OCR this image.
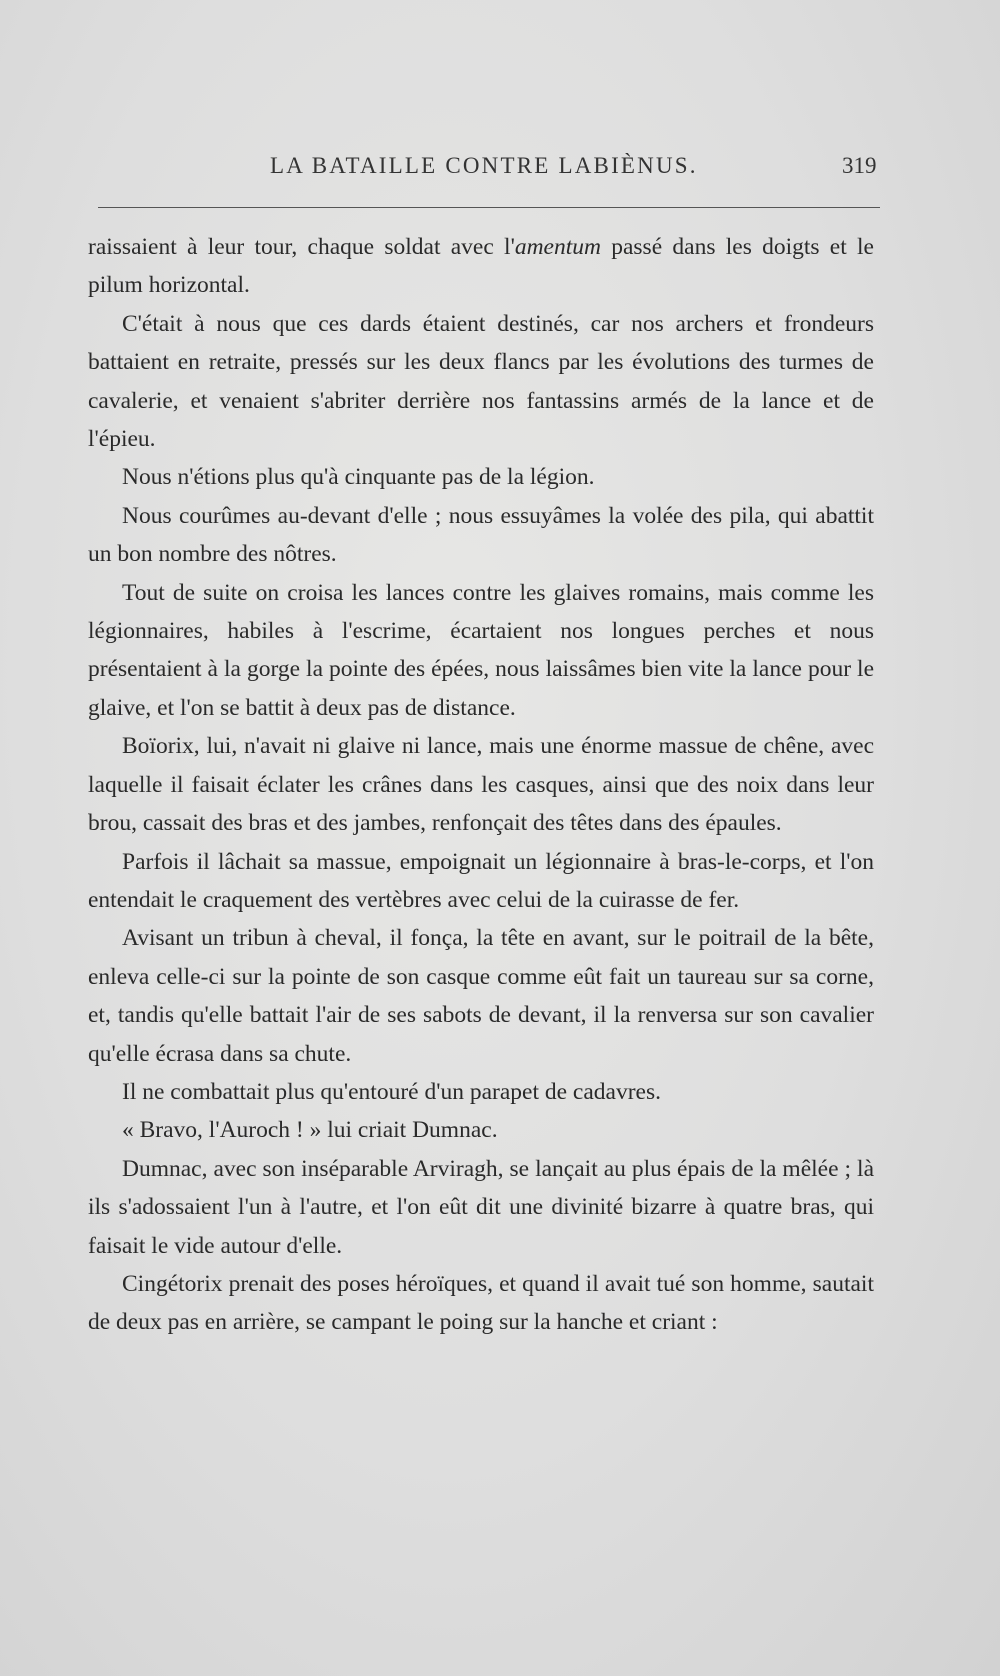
LA BATAILLE CONTRE LABIÈNUS.	319

raissaient à leur tour, chaque soldat avec l'amentum passé dans les doigts et le pilum horizontal.

C'était à nous que ces dards étaient destinés, car nos archers et frondeurs battaient en retraite, pressés sur les deux flancs par les évolutions des turmes de cavalerie, et venaient s'abriter derrière nos fantassins armés de la lance et de l'épieu.

Nous n'étions plus qu'à cinquante pas de la légion.

Nous courûmes au-devant d'elle ; nous essuyâmes la volée des pila, qui abattit un bon nombre des nôtres.

Tout de suite on croisa les lances contre les glaives romains, mais comme les légionnaires, habiles à l'escrime, écartaient nos longues perches et nous présentaient à la gorge la pointe des épées, nous laissâmes bien vite la lance pour le glaive, et l'on se battit à deux pas de distance.

Boïorix, lui, n'avait ni glaive ni lance, mais une énorme massue de chêne, avec laquelle il faisait éclater les crânes dans les casques, ainsi que des noix dans leur brou, cassait des bras et des jambes, renfonçait des têtes dans des épaules.

Parfois il lâchait sa massue, empoignait un légionnaire à bras-le-corps, et l'on entendait le craquement des vertèbres avec celui de la cuirasse de fer.

Avisant un tribun à cheval, il fonça, la tête en avant, sur le poitrail de la bête, enleva celle-ci sur la pointe de son casque comme eût fait un taureau sur sa corne, et, tandis qu'elle battait l'air de ses sabots de devant, il la renversa sur son cavalier qu'elle écrasa dans sa chute.

Il ne combattait plus qu'entouré d'un parapet de cadavres.

« Bravo, l'Auroch ! » lui criait Dumnac.

Dumnac, avec son inséparable Arviragh, se lançait au plus épais de la mêlée ; là ils s'adossaient l'un à l'autre, et l'on eût dit une divinité bizarre à quatre bras, qui faisait le vide autour d'elle.

Cingétorix prenait des poses héroïques, et quand il avait tué son homme, sautait de deux pas en arrière, se campant le poing sur la hanche et criant :
